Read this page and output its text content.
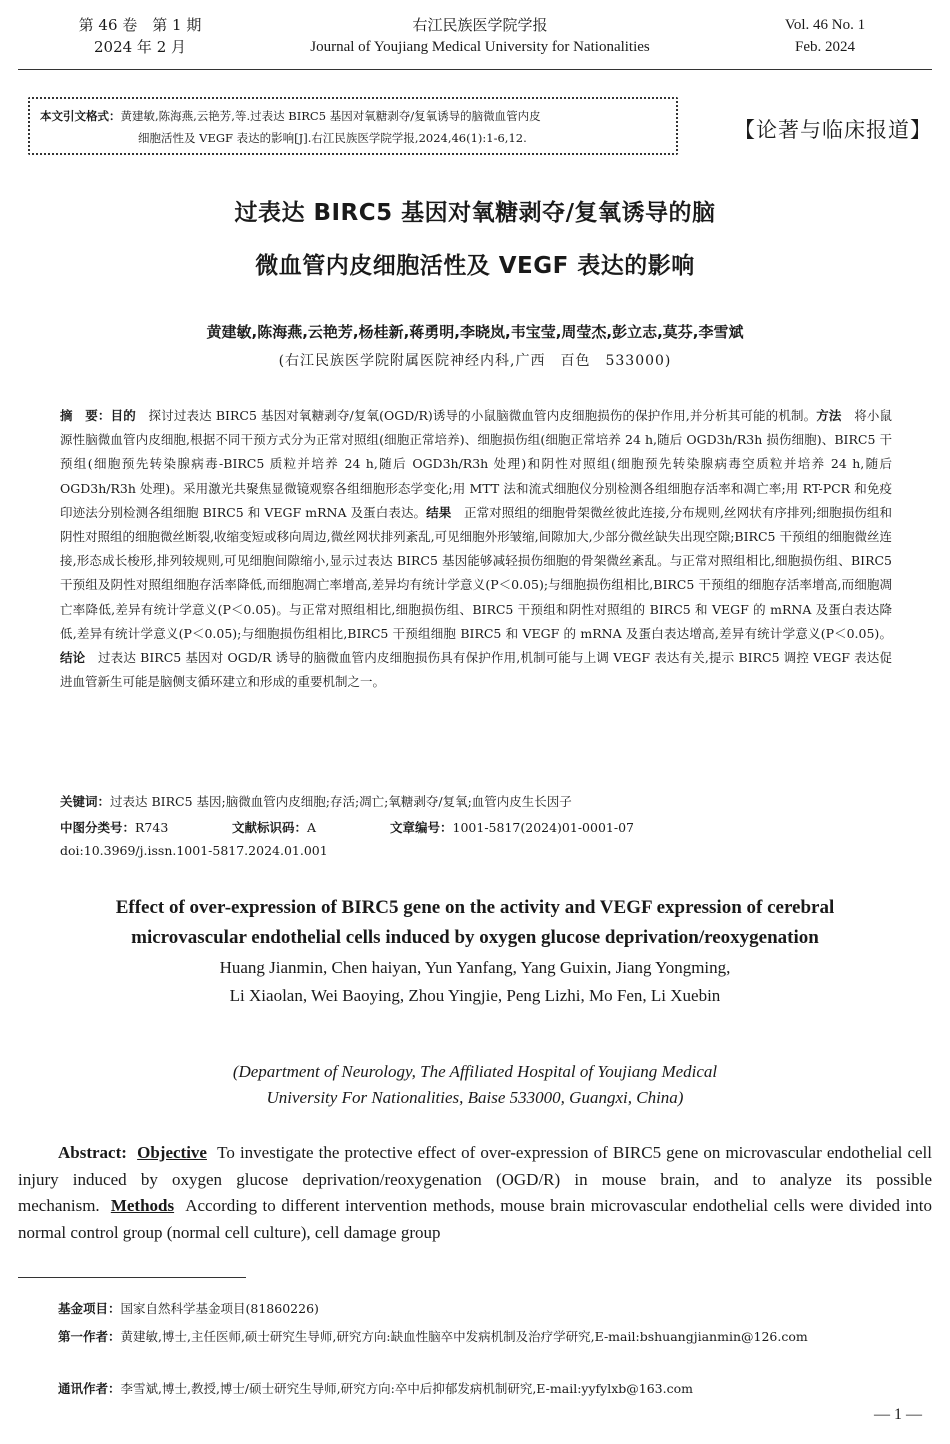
第 46 卷　第 1 期
2024 年 2 月
右江民族医学院学报
Journal of Youjiang Medical University for Nationalities
Vol. 46 No. 1
Feb. 2024
本文引文格式：黄建敏,陈海燕,云艳芳,等.过表达 BIRC5 基因对氧糖剥夺/复氧诱导的脑微血管内皮
细胞活性及 VEGF 表达的影响[J].右江民族医学院学报,2024,46(1):1-6,12.	【论著与临床报道】
过表达 BIRC5 基因对氧糖剥夺/复氧诱导的脑
微血管内皮细胞活性及 VEGF 表达的影响
黄建敏,陈海燕,云艳芳,杨桂新,蒋勇明,李晓岚,韦宝莹,周莹杰,彭立志,莫芬,李雪斌
(右江民族医学院附属医院神经内科,广西　百色　533000)

摘　要：目的　 探讨过表达 BIRC5 基因对氧糖剥夺/复氧(OGD/R)诱导的小鼠脑微血管内皮细胞损伤的保护作用,并分析其可能的机制。方法　 将小鼠源性脑微血管内皮细胞,根据不同干预方式分为正常对照组(细胞正常培养)、细胞损伤组(细胞正常培养 24 h,随后 OGD3h/R3h 损伤细胞)、BIRC5 干预组(细胞预先转染腺病毒-BIRC5 质粒并培养 24 h,随后 OGD3h/R3h 处理)和阴性对照组(细胞预先转染腺病毒空质粒并培养 24 h,随后 OGD3h/R3h 处理)。采用激光共聚焦显微镜观察各组细胞形态学变化;用 MTT 法和流式细胞仪分别检测各组细胞存活率和凋亡率;用 RT-PCR 和免疫印迹法分别检测各组细胞 BIRC5 和 VEGF mRNA 及蛋白表达。结果　 正常对照组的细胞骨架微丝彼此连接,分布规则,丝网状有序排列;细胞损伤组和阴性对照组的细胞微丝断裂,收缩变短或移向周边,微丝网状排列紊乱,可见细胞外形皱缩,间隙加大,少部分微丝缺失出现空隙;BIRC5 干预组的细胞微丝连接,形态成长梭形,排列较规则,可见细胞间隙缩小,显示过表达 BIRC5 基因能够减轻损伤细胞的骨架微丝紊乱。与正常对照组相比,细胞损伤组、BIRC5 干预组及阴性对照组细胞存活率降低,而细胞凋亡率增高,差异均有统计学意义(P＜0.05);与细胞损伤组相比,BIRC5 干预组的细胞存活率增高,而细胞凋亡率降低,差异有统计学意义(P＜0.05)。与正常对照组相比,细胞损伤组、BIRC5 干预组和阴性对照组的 BIRC5 和 VEGF 的 mRNA 及蛋白表达降低,差异有统计学意义(P＜0.05);与细胞损伤组相比,BIRC5 干预组细胞 BIRC5 和 VEGF 的 mRNA 及蛋白表达增高,差异有统计学意义(P＜0.05)。结论　 过表达 BIRC5 基因对 OGD/R 诱导的脑微血管内皮细胞损伤具有保护作用,机制可能与上调 VEGF 表达有关,提示 BIRC5 调控 VEGF 表达促进血管新生可能是脑侧支循环建立和形成的重要机制之一。

关键词：过表达 BIRC5 基因;脑微血管内皮细胞;存活;凋亡;氧糖剥夺/复氧;血管内皮生长因子
中图分类号：R743	文献标识码：A	文章编号：1001-5817(2024)01-0001-07
doi:10.3969/j.issn.1001-5817.2024.01.001
Effect of over-expression of BIRC5 gene on the activity and VEGF expression of cerebral
microvascular endothelial cells induced by oxygen glucose deprivation/reoxygenation
Huang Jianmin, Chen haiyan, Yun Yanfang, Yang Guixin, Jiang Yongming,
Li Xiaolan, Wei Baoying, Zhou Yingjie, Peng Lizhi, Mo Fen, Li Xuebin
(Department of Neurology, The Affiliated Hospital of Youjiang Medical
University For Nationalities, Baise 533000, Guangxi, China)
Abstract: Objective To investigate the protective effect of over-expression of BIRC5 gene on microvascular endothelial cell injury induced by oxygen glucose deprivation/reoxygenation (OGD/R) in mouse brain, and to analyze its possible mechanism. Methods According to different intervention methods, mouse brain microvascular endothelial cells were divided into normal control group (normal cell culture), cell damage group
基金项目：国家自然科学基金项目(81860226)
第一作者：黄建敏,博士,主任医师,硕士研究生导师,研究方向:缺血性脑卒中发病机制及治疗学研究,E-mail:bshuangjianmin@126.com
通讯作者：李雪斌,博士,教授,博士/硕士研究生导师,研究方向:卒中后抑郁发病机制研究,E-mail:yyfylxb@163.com
— 1 —
